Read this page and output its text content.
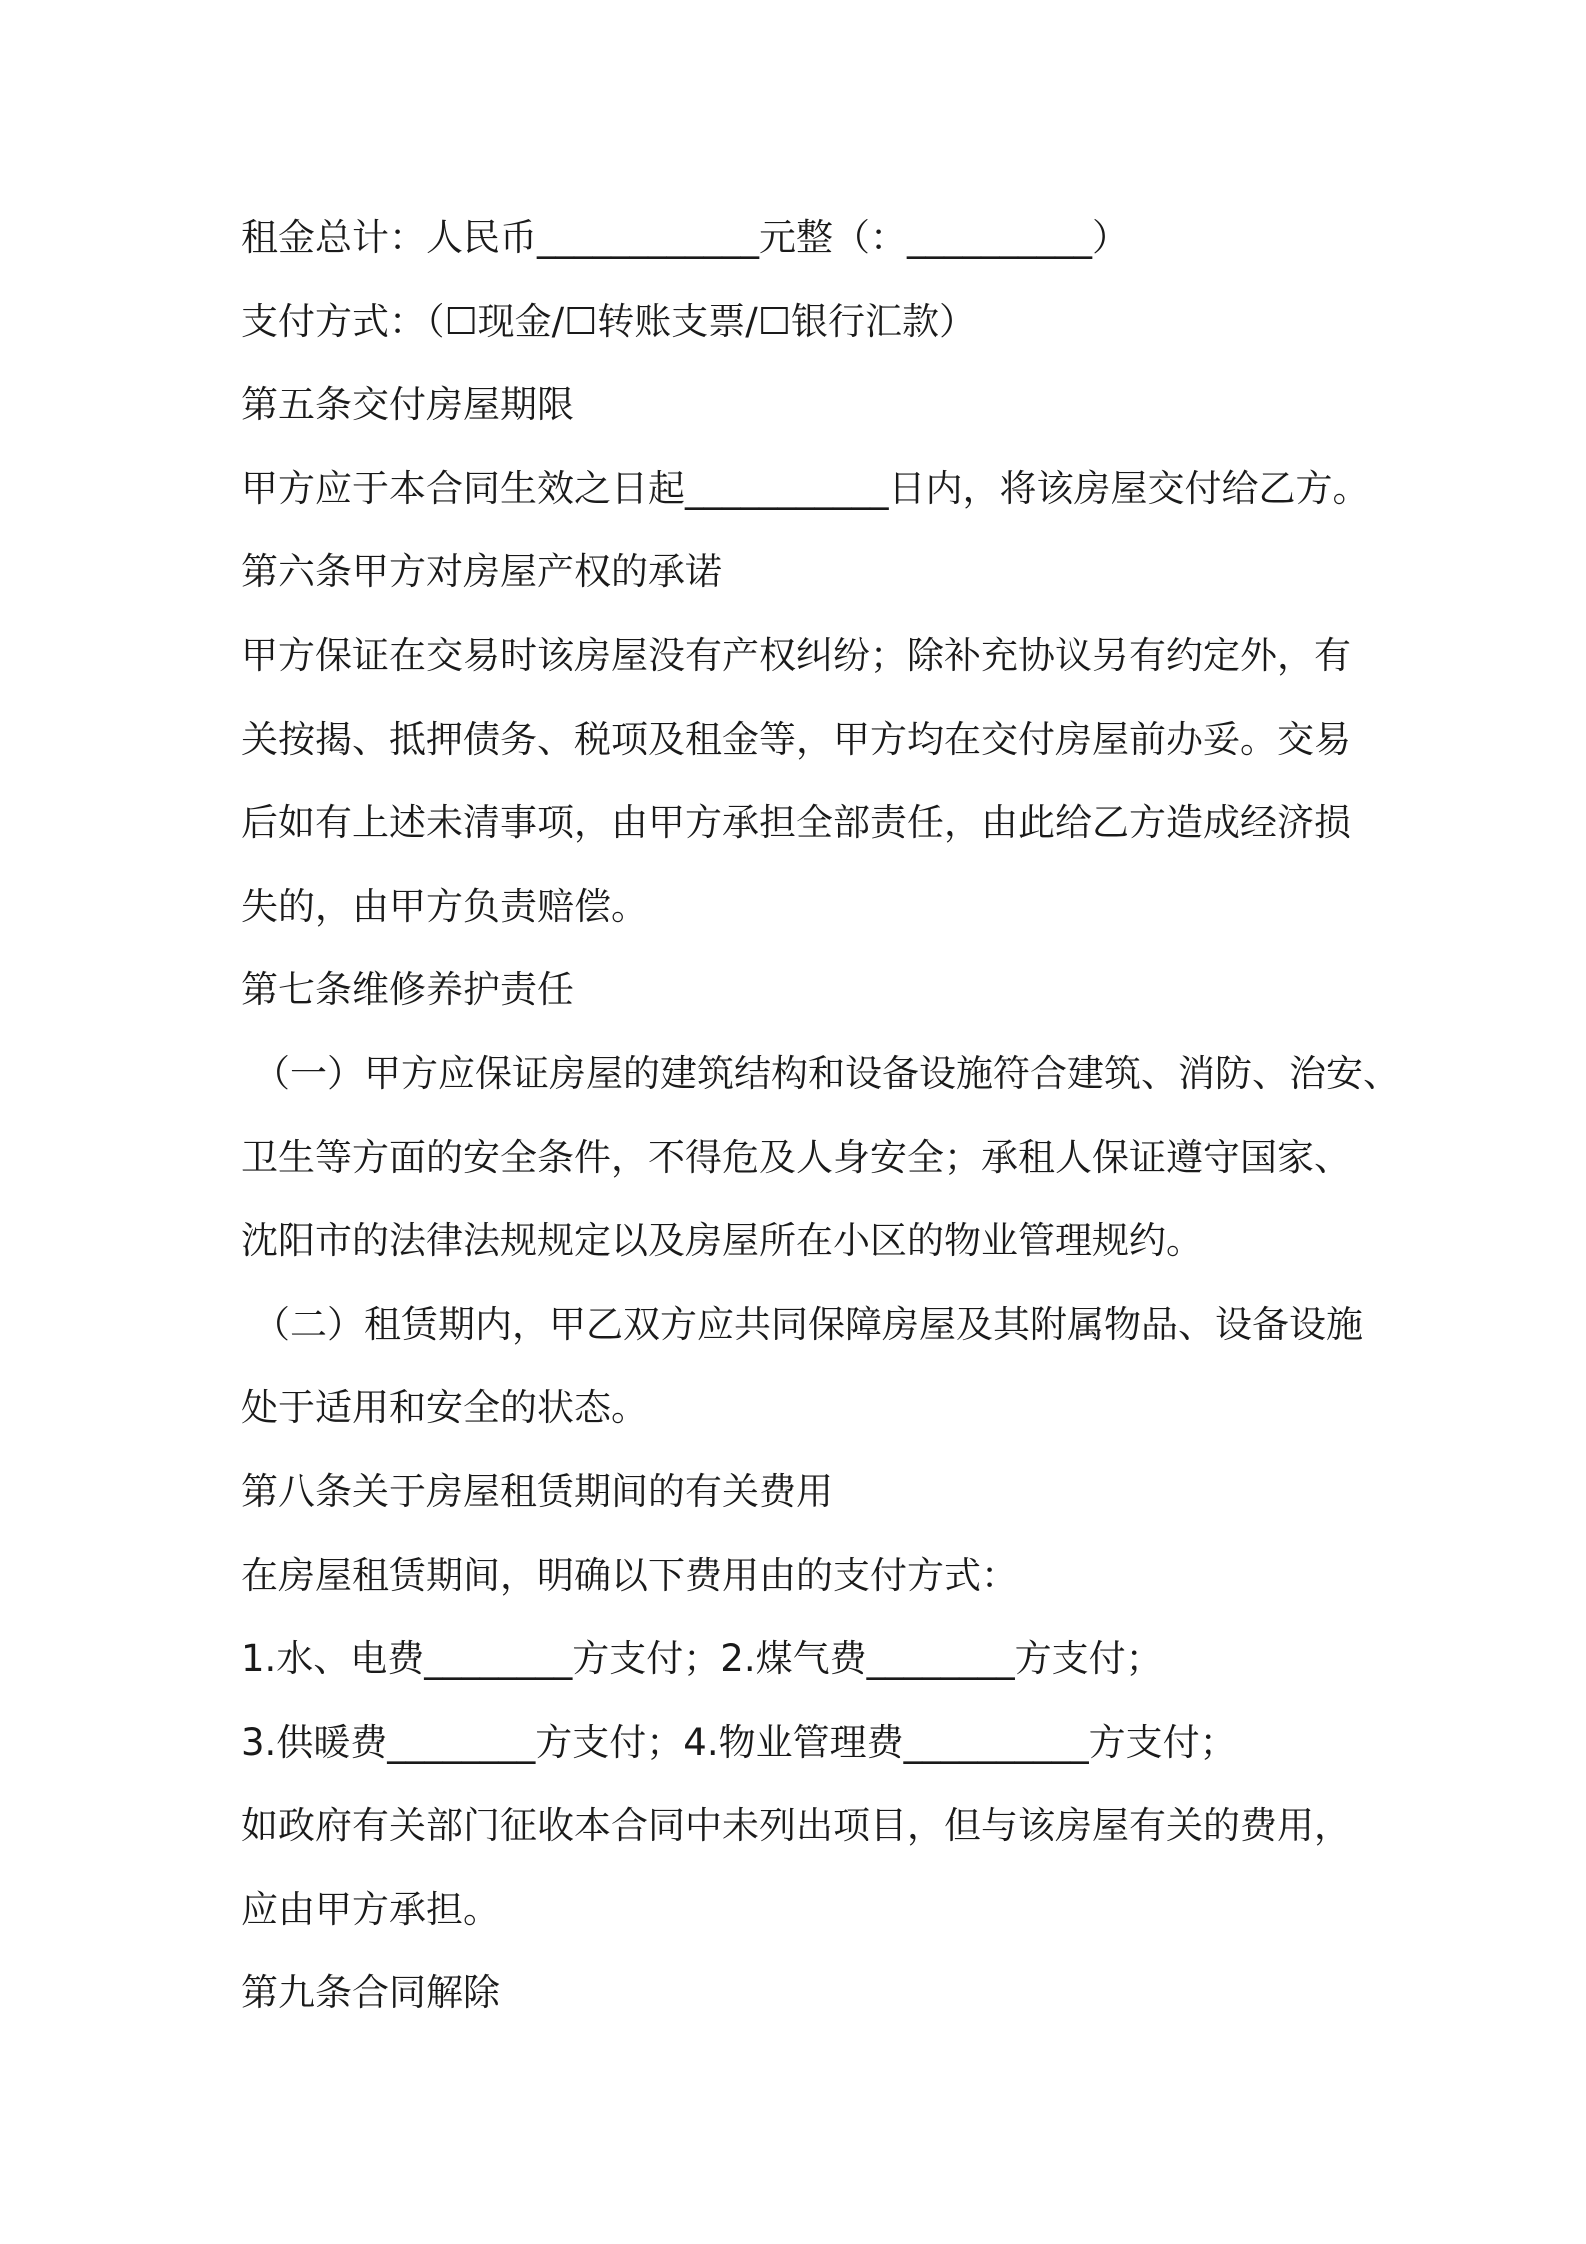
租金总计：人民币____________元整（：__________）
支付方式：（☐现金/☐转账支票/☐银行汇款）
第五条交付房屋期限
甲方应于本合同生效之日起___________日内，将该房屋交付给乙方。
第六条甲方对房屋产权的承诺
甲方保证在交易时该房屋没有产权纠纷；除补充协议另有约定外，有
关按揭、抵押债务、税项及租金等，甲方均在交付房屋前办妥。交易
后如有上述未清事项，由甲方承担全部责任，由此给乙方造成经济损
失的，由甲方负责赔偿。
第七条维修养护责任
（一）甲方应保证房屋的建筑结构和设备设施符合建筑、消防、治安、
卫生等方面的安全条件，不得危及人身安全；承租人保证遵守国家、
沈阳市的法律法规规定以及房屋所在小区的物业管理规约。
（二）租赁期内，甲乙双方应共同保障房屋及其附属物品、设备设施
处于适用和安全的状态。
第八条关于房屋租赁期间的有关费用
在房屋租赁期间，明确以下费用由的支付方式：
1.水、电费________方支付；2.煤气费________方支付；
3.供暖费________方支付；4.物业管理费__________方支付；
如政府有关部门征收本合同中未列出项目，但与该房屋有关的费用，
应由甲方承担。
第九条合同解除
